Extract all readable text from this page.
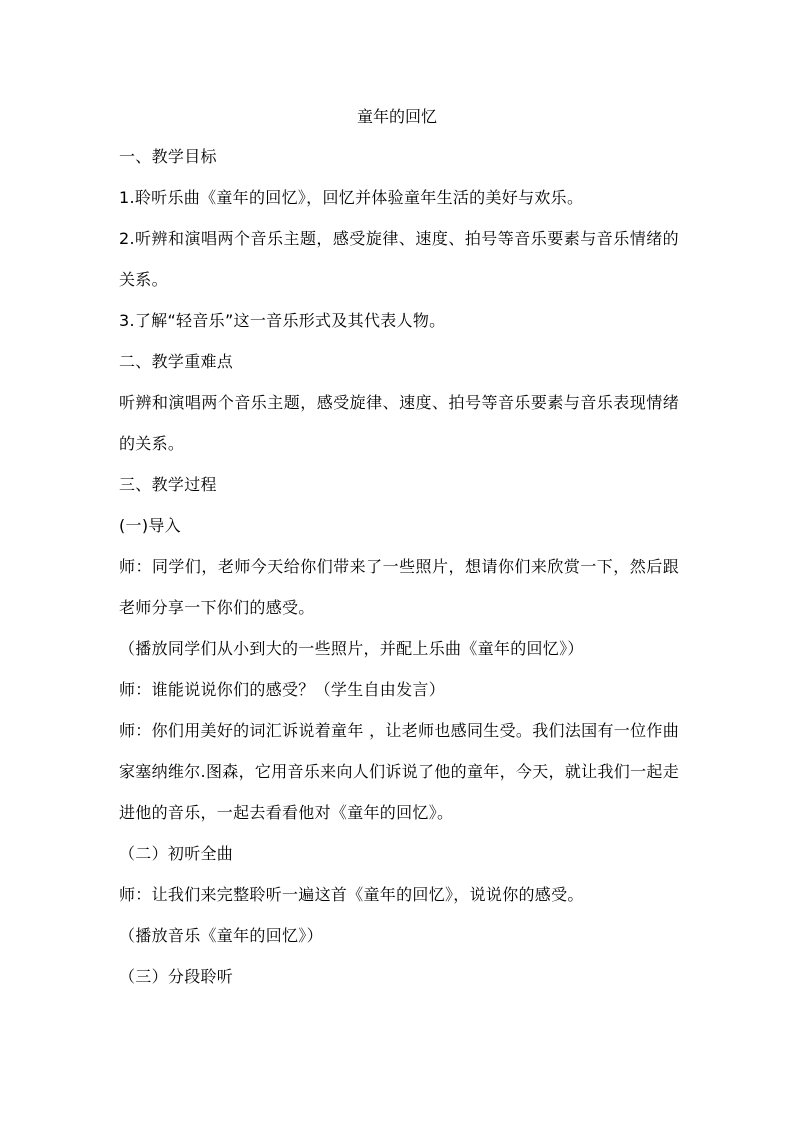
童年的回忆

一、教学目标

1.聆听乐曲《童年的回忆》，回忆并体验童年生活的美好与欢乐。

2.听辨和演唱两个音乐主题，感受旋律、速度、拍号等音乐要素与音乐情绪的关系。

3.了解“轻音乐”这一音乐形式及其代表人物。

二、教学重难点

听辨和演唱两个音乐主题，感受旋律、速度、拍号等音乐要素与音乐表现情绪的关系。

三、教学过程

(一)导入

师：同学们，老师今天给你们带来了一些照片，想请你们来欣赏一下，然后跟老师分享一下你们的感受。

（播放同学们从小到大的一些照片，并配上乐曲《童年的回忆》）

师：谁能说说你们的感受？（学生自由发言）

师：你们用美好的词汇诉说着童年 ，让老师也感同生受。我们法国有一位作曲家塞纳维尔.图森，它用音乐来向人们诉说了他的童年，今天，就让我们一起走进他的音乐，一起去看看他对《童年的回忆》。

（二）初听全曲

师：让我们来完整聆听一遍这首《童年的回忆》，说说你的感受。

（播放音乐《童年的回忆》）

（三）分段聆听
